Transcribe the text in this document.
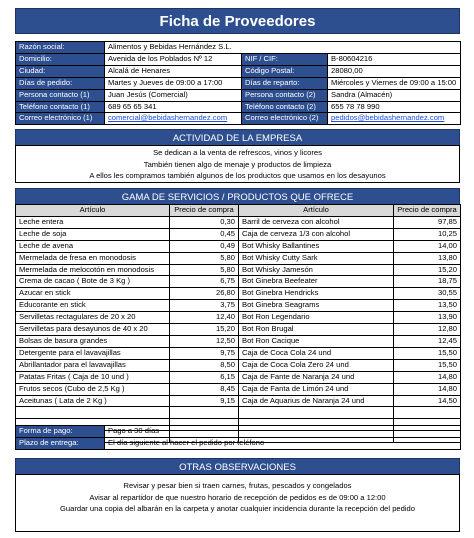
Ficha de Proveedores
Razón social:	Alimentos y Bebidas Hernández S.L.		
Domicilio:	Avenida de los Poblados Nº 12	NIF / CIF:	B-80604216
Ciudad:	Alcalá de Henares	Código Postal:	28080,00
Días de pedido:	Martes y Jueves de 09:00 a 17:00	Días de reparto:	Miércoles y Viernes de 09:00 a 15:00
Persona contacto (1)	Juan Jesús (Comercial)	Persona contacto (2)	Sandra (Almacén)
Teléfono contacto (1)	689 65 65 341	Teléfono contacto (2)	655 78 78 990
Correo electrónico (1)	comercial@bebidashernandez.com	Correo electrónico (2)	pedidos@bebidashernandez.com
ACTIVIDAD DE LA EMPRESA
Se dedican a la venta de refrescos, vinos y licores
También tienen algo de menaje y productos de limpieza
A ellos les compramos también algunos de los productos que usamos en los desayunos
GAMA DE SERVICIOS / PRODUCTOS QUE OFRECE
Artículo	Precio de compra	Artículo	Precio de compra
Leche entera	0,30	Barril de cerveza con alcohol	97,85
Leche de soja	0,45	Caja de cerveza 1/3 con alcohol	10,25
Leche de avena	0,49	Bot Whisky Ballantines	14,00
Mermelada de fresa en monodosis	5,80	Bot Whisky Cutty Sark	13,80
Mermelada de melocotón en monodosis	5,80	Bot Whisky Jamesón	15,20
Crema de cacao ( Bote de 3 Kg )	6,75	Bot Ginebra Beefeater	18,75
Azucar en stick	26,80	Bot Ginebra Hendricks	30,55
Educorante en stick	3,75	Bot Ginebra Seagrams	13,50
Servilletas rectagulares de 20 x 20	12,40	Bot Ron Legendario	13,90
Servilletas para desayunos de 40 x 20	15,20	Bot Ron Brugal	12,80
Bolsas de basura grandes	12,50	Bot Ron Cacique	12,45
Detergente para el lavavajillas	9,75	Caja de Coca Cola 24 und	15,50
Abrillantador para el lavavajillas	8,50	Caja de Coca Cola Zero 24 und	15,50
Patatas Fritas ( Caja de 10 und )	6,15	Caja de Fante de Naranja 24 und	14,80
Frutos secos (Cubo de 2,5 Kg )	8,45	Caja de Fanta de Limón 24 und	14,80
Aceitunas ( Lata de 2 Kg )	9,15	Caja de Aquarius de Naranja 24 und	14,50

Forma de pago:	Pago a 30 días
Plazo de entrega:	El día siguiente al hacer el pedido por teléfono
OTRAS OBSERVACIONES
Revisar y pesar bien si traen carnes, frutas, pescados y congelados
Avisar al repartidor de que nuestro horario de recepción de pedidos es de 09:00 a 12:00
Guardar una copia del albarán en la carpeta y anotar cualquier incidencia durante la recepción del pedido
